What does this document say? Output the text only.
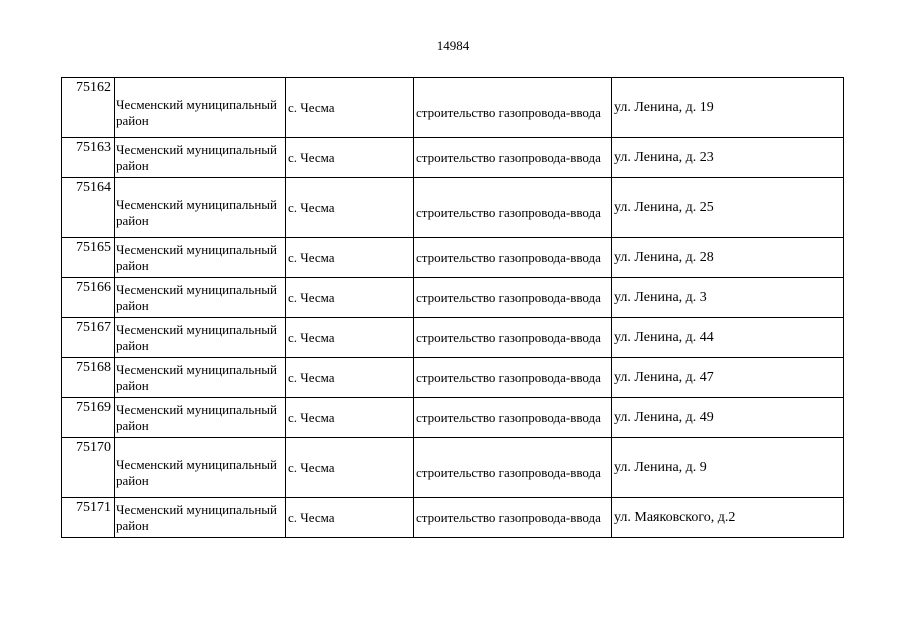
14984
75162	Чесменский муниципальный район	с. Чесма	строительство газопровода-ввода	ул. Ленина, д. 19
75163	Чесменский муниципальный район	с. Чесма	строительство газопровода-ввода	ул. Ленина, д. 23
75164	Чесменский муниципальный район	с. Чесма	строительство газопровода-ввода	ул. Ленина, д. 25
75165	Чесменский муниципальный район	с. Чесма	строительство газопровода-ввода	ул. Ленина, д. 28
75166	Чесменский муниципальный район	с. Чесма	строительство газопровода-ввода	ул. Ленина, д. 3
75167	Чесменский муниципальный район	с. Чесма	строительство газопровода-ввода	ул. Ленина, д. 44
75168	Чесменский муниципальный район	с. Чесма	строительство газопровода-ввода	ул. Ленина, д. 47
75169	Чесменский муниципальный район	с. Чесма	строительство газопровода-ввода	ул. Ленина, д. 49
75170	Чесменский муниципальный район	с. Чесма	строительство газопровода-ввода	ул. Ленина, д. 9
75171	Чесменский муниципальный район	с. Чесма	строительство газопровода-ввода	ул. Маяковского, д.2
